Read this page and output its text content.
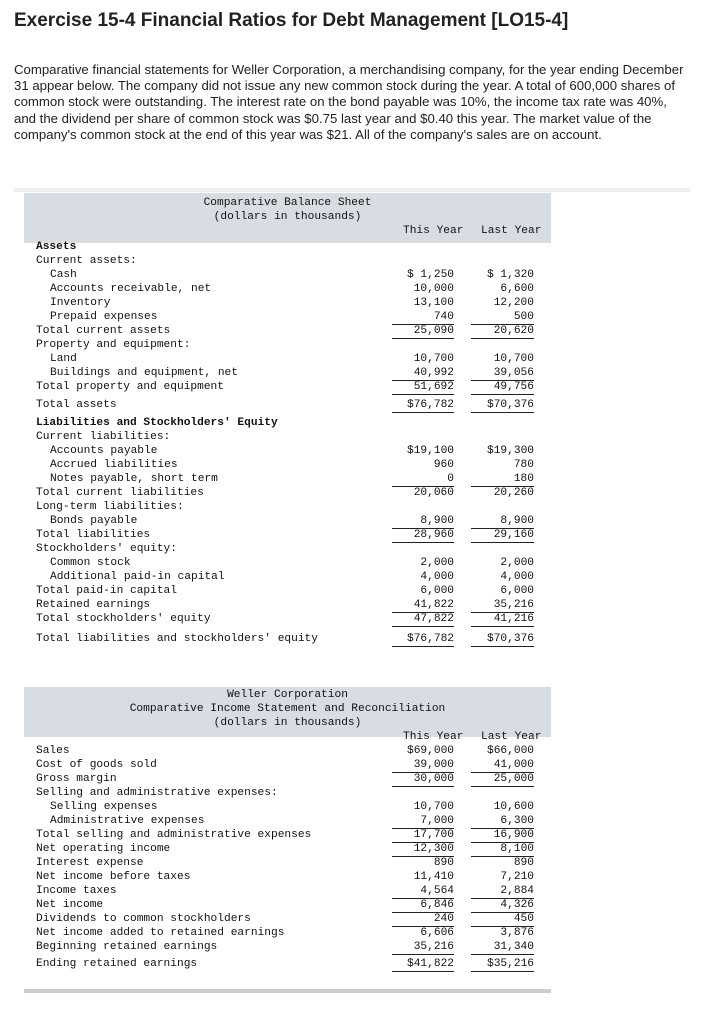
Exercise 15-4 Financial Ratios for Debt Management [LO15-4]

Comparative financial statements for Weller Corporation, a merchandising company, for the year ending December 31 appear below. The company did not issue any new common stock during the year. A total of 600,000 shares of common stock were outstanding. The interest rate on the bond payable was 10%, the income tax rate was 40%, and the dividend per share of common stock was $0.75 last year and $0.40 this year. The market value of the company's common stock at the end of this year was $21. All of the company's sales are on account.

Comparative Balance Sheet
(dollars in thousands)
This Year Last Year
Assets
Current assets:
Cash	$ 1,250	$ 1,320
Accounts receivable, net	10,000	6,600
Inventory	13,100	12,200
Prepaid expenses	740	500
Total current assets	25,090	20,620
Property and equipment:
Land	10,700	10,700
Buildings and equipment, net	40,992	39,056
Total property and equipment	51,692	49,756
Total assets	$76,782	$70,376
Liabilities and Stockholders' Equity
Current liabilities:
Accounts payable	$19,100	$19,300
Accrued liabilities	960	780
Notes payable, short term	0	180
Total current liabilities	20,060	20,260
Long-term liabilities:
Bonds payable	8,900	8,900
Total liabilities	28,960	29,160
Stockholders' equity:
Common stock	2,000	2,000
Additional paid-in capital	4,000	4,000
Total paid-in capital	6,000	6,000
Retained earnings	41,822	35,216
Total stockholders' equity	47,822	41,216
Total liabilities and stockholders' equity	$76,782	$70,376
Weller Corporation
Comparative Income Statement and Reconciliation
(dollars in thousands)
This Year Last Year
Sales	$69,000	$66,000
Cost of goods sold	39,000	41,000
Gross margin	30,000	25,000
Selling and administrative expenses:
Selling expenses	10,700	10,600
Administrative expenses	7,000	6,300
Total selling and administrative expenses	17,700	16,900
Net operating income	12,300	8,100
Interest expense	890	890
Net income before taxes	11,410	7,210
Income taxes	4,564	2,884
Net income	6,846	4,326
Dividends to common stockholders	240	450
Net income added to retained earnings	6,606	3,876
Beginning retained earnings	35,216	31,340
Ending retained earnings	$41,822	$35,216
